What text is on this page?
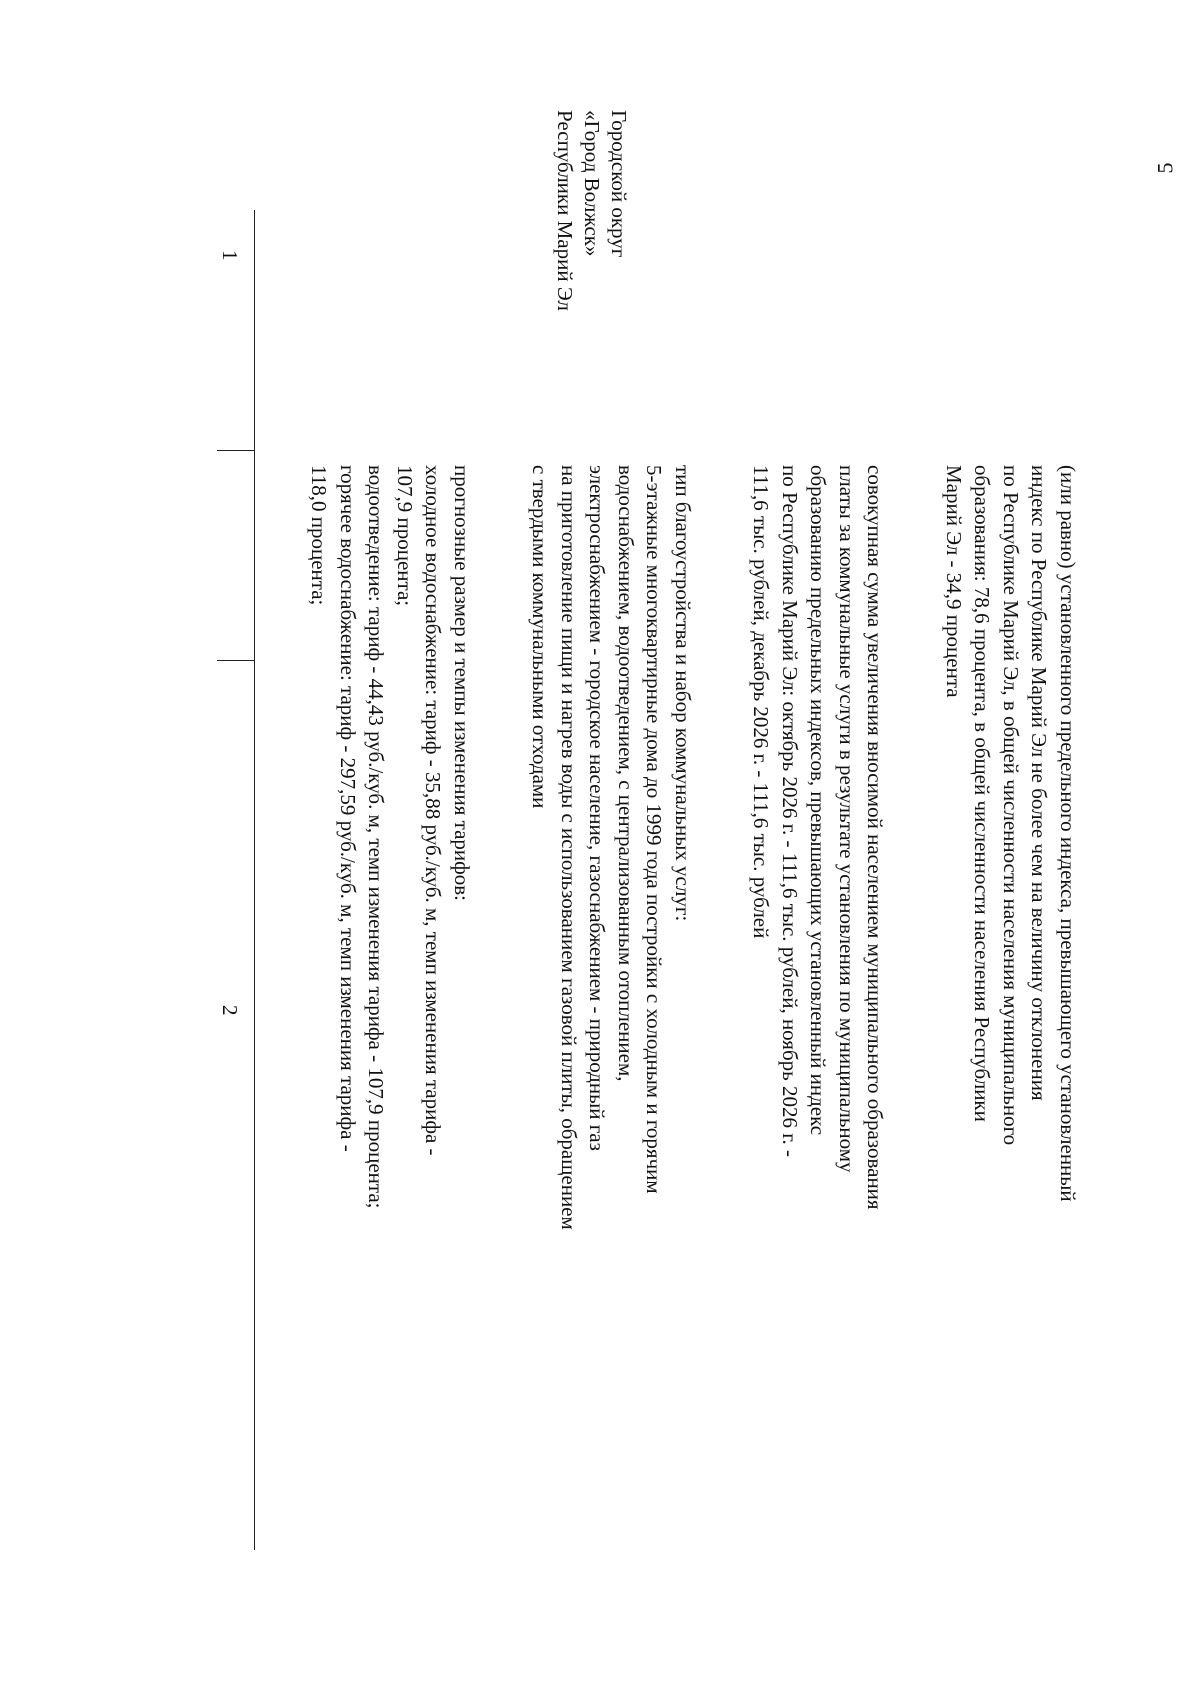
5
1
2
Городской округ
«Город Волжск»
Республики Марий Эл

(или равно) установленного предельного индекса, превышающего установленный
индекс по Республике Марий Эл не более чем на величину отклонения
по Республике Марий Эл, в общей численности населения муниципального
образования: 78,6 процента, в общей численности населения Республики
Марий Эл - 34,9 процента

совокупная сумма увеличения вносимой населением муниципального образования
платы за коммунальные услуги в результате установления по муниципальному
образованию предельных индексов, превышающих установленный индекс
по Республике Марий Эл: октябрь 2026 г. - 111,6 тыс. рублей, ноябрь 2026 г. -
111,6 тыс. рублей, декабрь 2026 г. - 111,6 тыс. рублей

тип благоустройства и набор коммунальных услуг:
5-этажные многоквартирные дома до 1999 года постройки с холодным и горячим
водоснабжением, водоотведением, с централизованным отоплением,
электроснабжением - городское население, газоснабжением - природный газ
на приготовление пищи и нагрев воды с использованием газовой плиты, обращением
с твердыми коммунальными отходами

прогнозные размер и темпы изменения тарифов:
холодное водоснабжение: тариф - 35,88 руб./куб. м, темп изменения тарифа -
107,9 процента;
водоотведение: тариф - 44,43 руб./куб. м, темп изменения тарифа - 107,9 процента;
горячее водоснабжение: тариф - 297,59 руб./куб. м, темп изменения тарифа -
118,0 процента;
